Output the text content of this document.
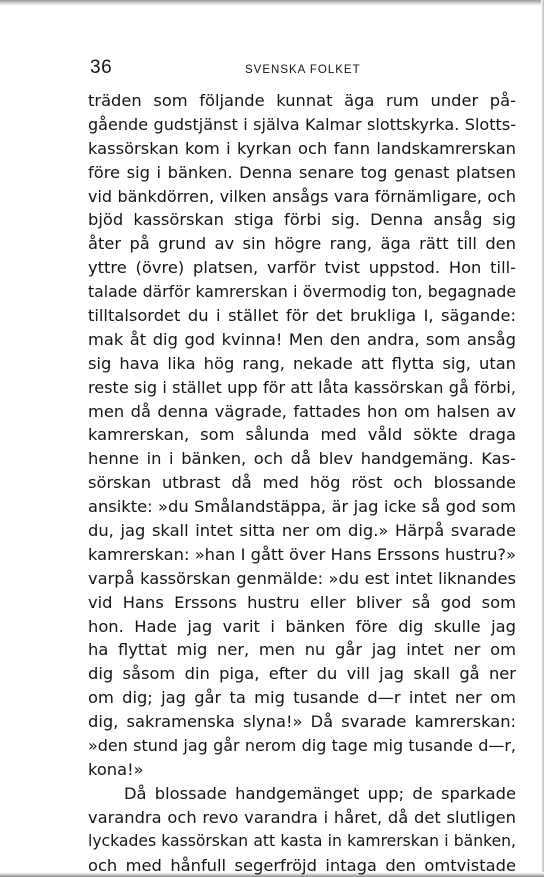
36	SVENSKA FOLKET
träden som följande kunnat äga rum under på-
gående gudstjänst i själva Kalmar slottskyrka. Slotts-
kassörskan kom i kyrkan och fann landskamrerskan
före sig i bänken. Denna senare tog genast platsen
vid bänkdörren, vilken ansågs vara förnämligare, och
bjöd kassörskan stiga förbi sig. Denna ansåg sig
åter på grund av sin högre rang, äga rätt till den
yttre (övre) platsen, varför tvist uppstod. Hon till-
talade därför kamrerskan i övermodig ton, begagnade
tilltalsordet du i stället för det brukliga I, sägande:
mak åt dig god kvinna! Men den andra, som ansåg
sig hava lika hög rang, nekade att flytta sig, utan
reste sig i stället upp för att låta kassörskan gå förbi,
men då denna vägrade, fattades hon om halsen av
kamrerskan, som sålunda med våld sökte draga
henne in i bänken, och då blev handgemäng. Kas-
sörskan utbrast då med hög röst och blossande
ansikte: »du Smålandstäppa, är jag icke så god som
du, jag skall intet sitta ner om dig.» Härpå svarade
kamrerskan: »han I gått över Hans Erssons hustru?»
varpå kassörskan genmälde: »du est intet liknandes
vid Hans Erssons hustru eller bliver så god som
hon. Hade jag varit i bänken före dig skulle jag
ha flyttat mig ner, men nu går jag intet ner om
dig såsom din piga, efter du vill jag skall gå ner
om dig; jag går ta mig tusande d—r intet ner om
dig, sakramenska slyna!» Då svarade kamrerskan:
»den stund jag går nerom dig tage mig tusande d—r,
kona!»
Då blossade handgemänget upp; de sparkade
varandra och revo varandra i håret, då det slutligen
lyckades kassörskan att kasta in kamrerskan i bänken,
och med hånfull segerfröjd intaga den omtvistade
